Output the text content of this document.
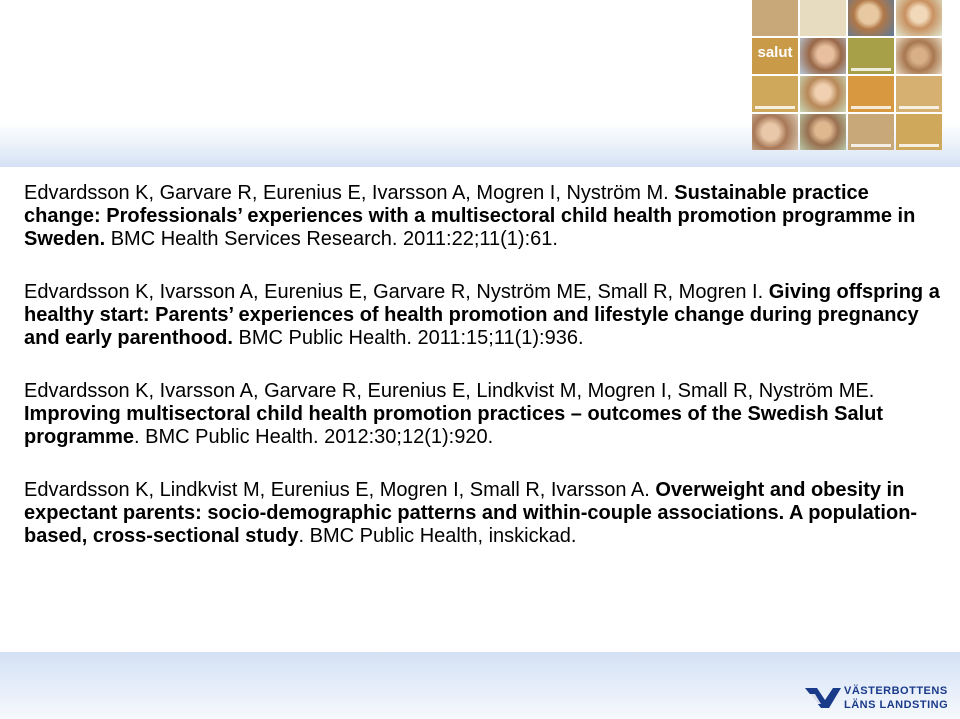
salut

Edvardsson K, Garvare R, Eurenius E, Ivarsson A, Mogren I, Nyström M. Sustainable practice change: Professionals’ experiences with a multisectoral child health promotion programme in Sweden. BMC Health Services Research. 2011:22;11(1):61.

Edvardsson K, Ivarsson A, Eurenius E, Garvare R, Nyström ME, Small R, Mogren I. Giving offspring a healthy start: Parents’ experiences of health promotion and lifestyle change during pregnancy and early parenthood. BMC Public Health. 2011:15;11(1):936.

Edvardsson K, Ivarsson A, Garvare R, Eurenius E, Lindkvist M, Mogren I, Small R, Nyström ME. Improving multisectoral child health promotion practices – outcomes of the Swedish Salut programme. BMC Public Health. 2012:30;12(1):920.

Edvardsson K, Lindkvist M, Eurenius E, Mogren I, Small R, Ivarsson A. Overweight and obesity in expectant parents: socio-demographic patterns and within-couple associations. A population-based, cross-sectional study. BMC Public Health, inskickad.

VÄSTERBOTTENS
LÄNS LANDSTING
